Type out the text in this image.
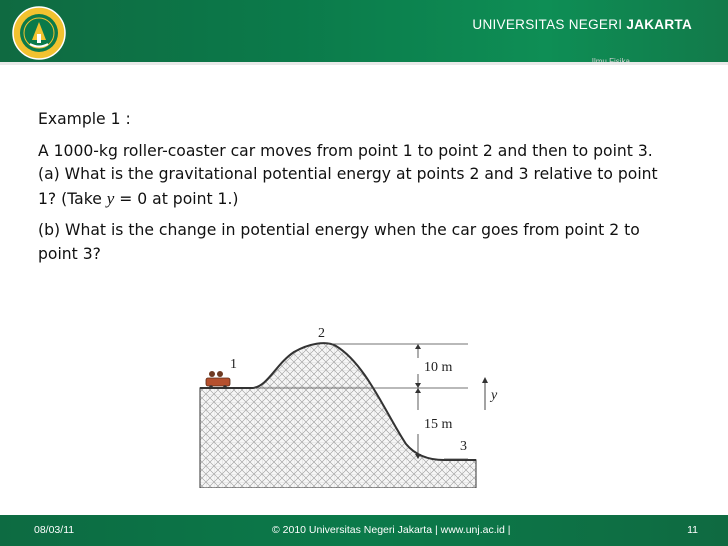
UNIVERSITAS NEGERI JAKARTA
Example 1 :
A 1000-kg roller-coaster car moves from point 1 to point 2 and then to point 3.
(a) What is the gravitational potential energy at points 2 and 3 relative to point 1? (Take y = 0 at point 1.)
(b) What is the change in potential energy when the car goes from point 2 to point 3?
1
2
3
10 m
15 m
y
08/03/11	© 2010 Universitas Negeri Jakarta | www.unj.ac.id |	11
